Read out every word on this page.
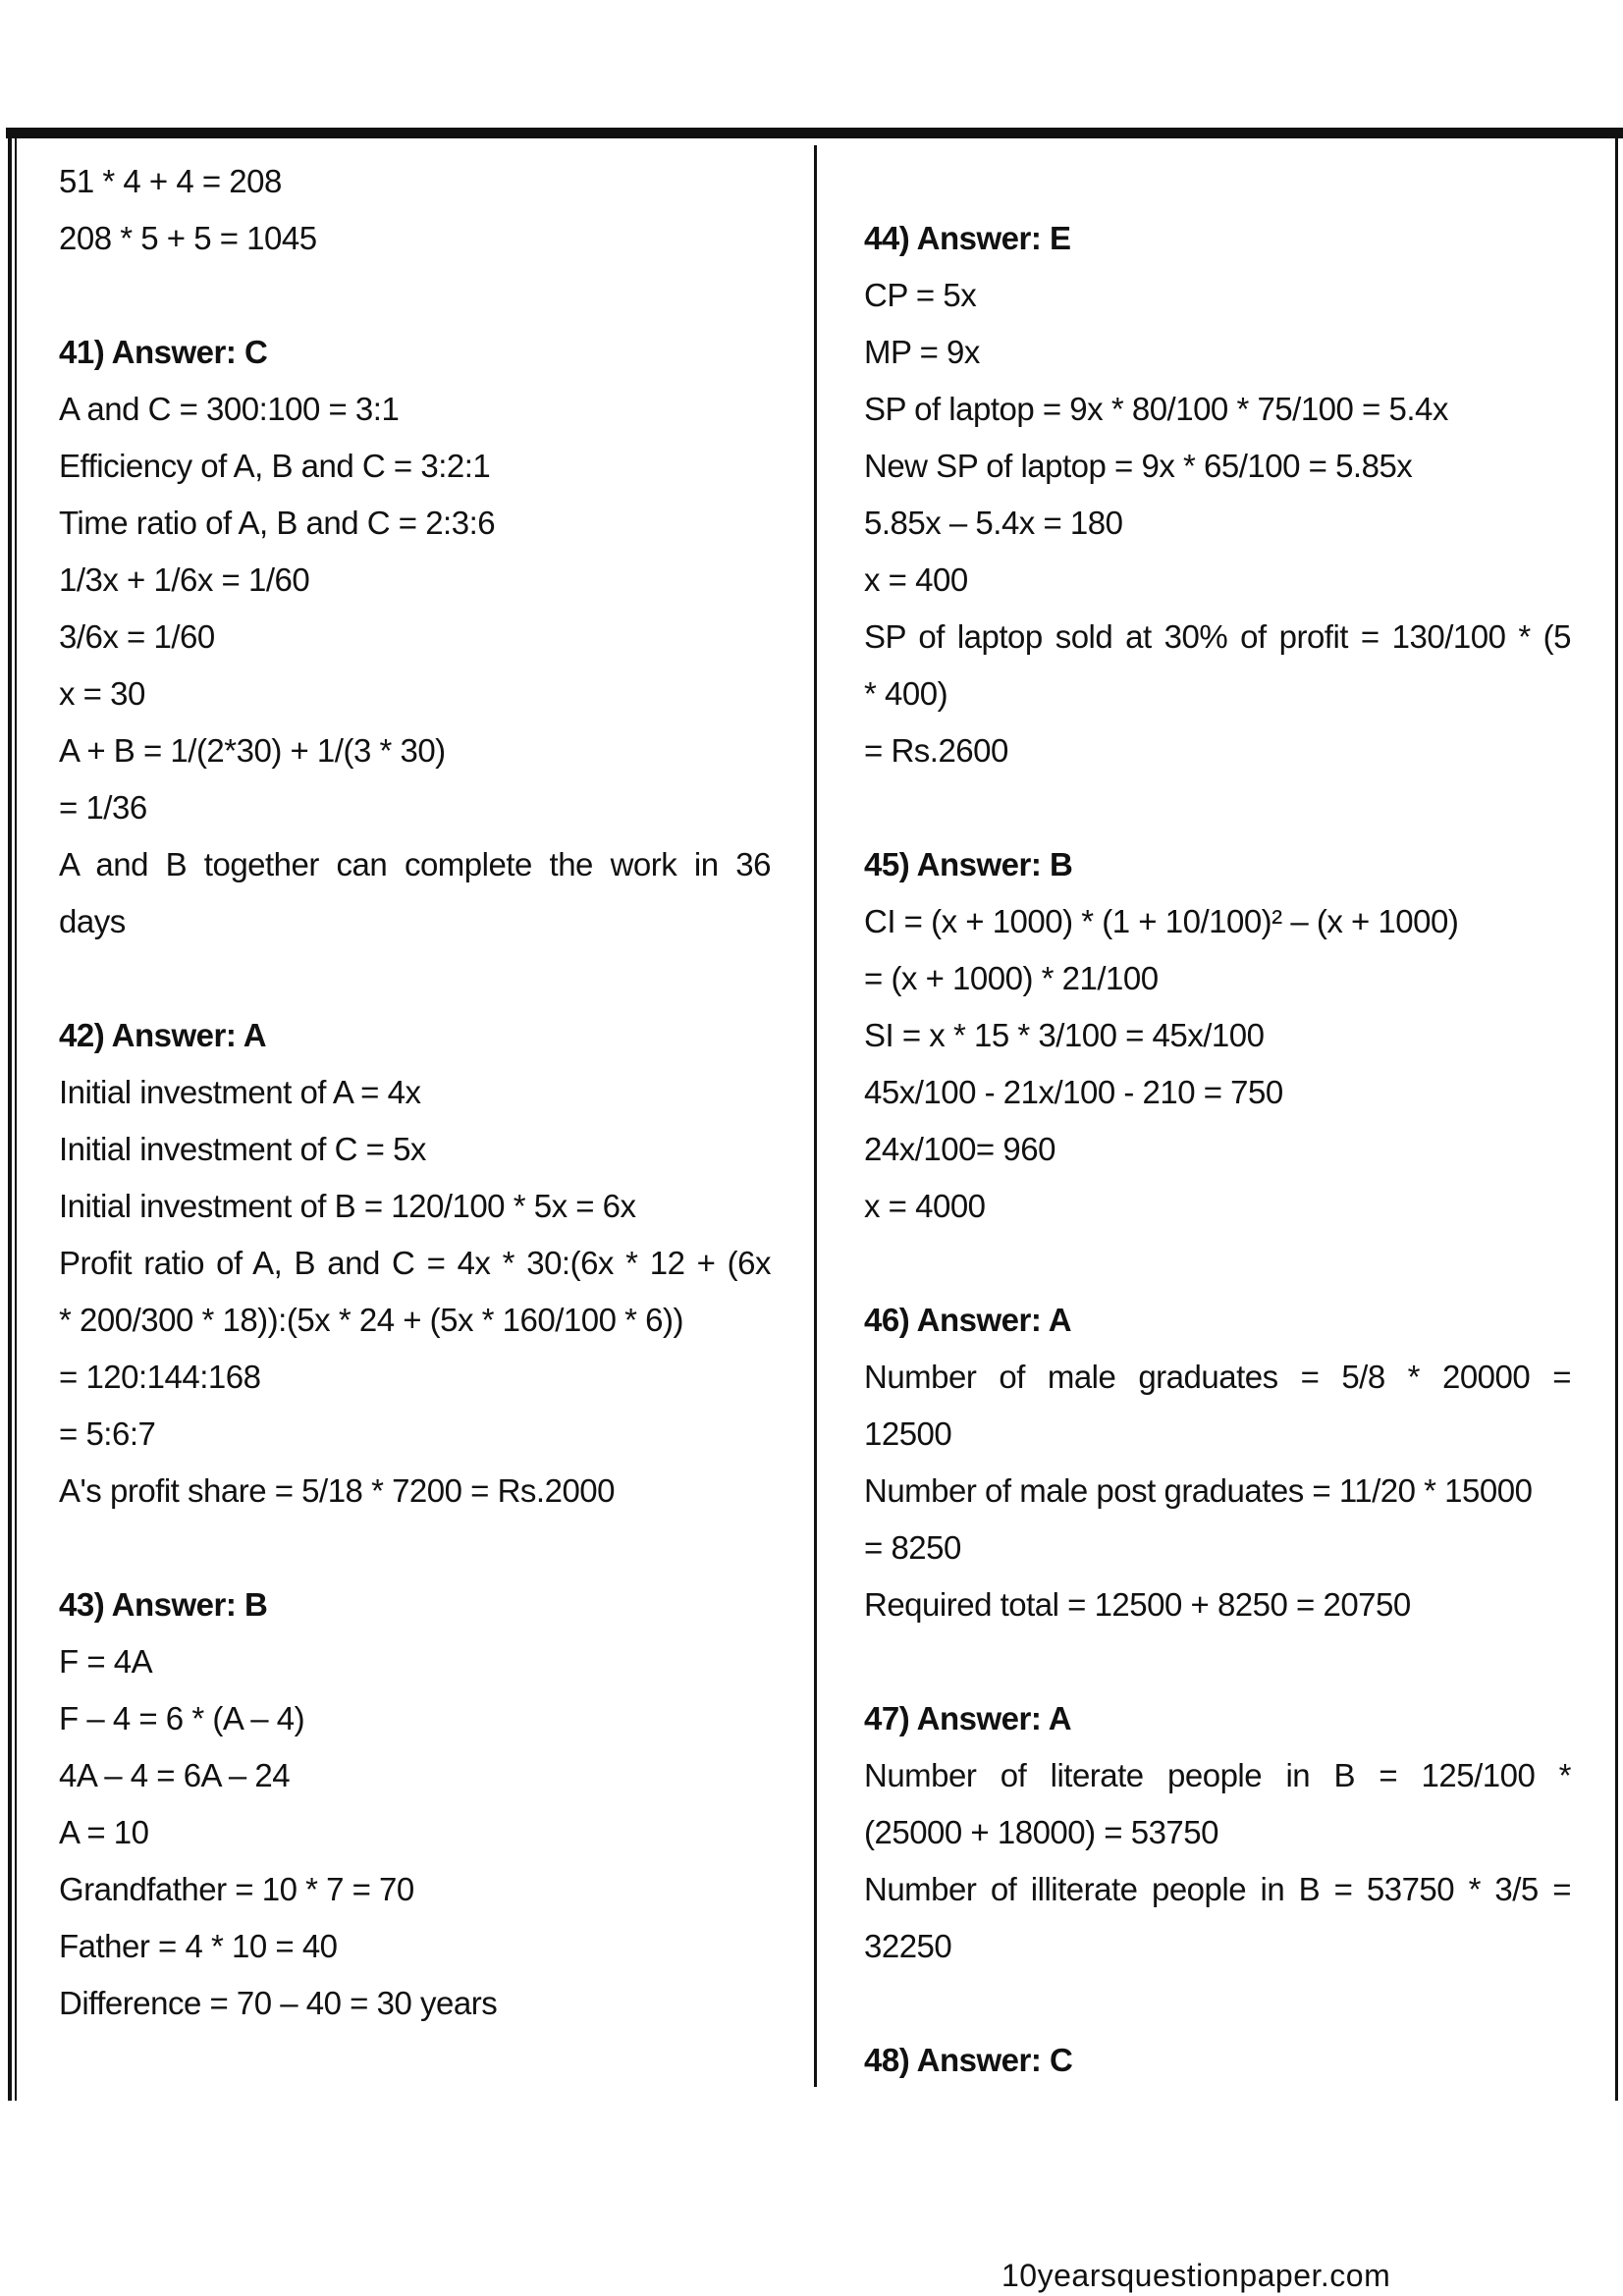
51 * 4 + 4 = 208
208 * 5 + 5 = 1045
41) Answer: C
A and C = 300:100 = 3:1
Efficiency of A, B and C = 3:2:1
Time ratio of A, B and C = 2:3:6
1/3x + 1/6x = 1/60
3/6x = 1/60
x = 30
A + B = 1/(2*30) + 1/(3 * 30)
= 1/36
A and B together can complete the work in 36
days
42) Answer: A
Initial investment of A = 4x
Initial investment of C = 5x
Initial investment of B = 120/100 * 5x = 6x
Profit ratio of A, B and C = 4x * 30:(6x * 12 + (6x
* 200/300 * 18)):(5x * 24 + (5x * 160/100 * 6))
= 120:144:168
= 5:6:7
A's profit share = 5/18 * 7200 = Rs.2000
43) Answer: B
F = 4A
F – 4 = 6 * (A – 4)
4A – 4 = 6A – 24
A = 10
Grandfather = 10 * 7 = 70
Father = 4 * 10 = 40
Difference = 70 – 40 = 30 years
44) Answer: E
CP = 5x
MP = 9x
SP of laptop = 9x * 80/100 * 75/100 = 5.4x
New SP of laptop = 9x * 65/100 = 5.85x
5.85x – 5.4x = 180
x = 400
SP of laptop sold at 30% of profit = 130/100 * (5
* 400)
= Rs.2600
45) Answer: B
CI = (x + 1000) * (1 + 10/100)² – (x + 1000)
= (x + 1000) * 21/100
SI = x * 15 * 3/100 = 45x/100
45x/100 - 21x/100 - 210 = 750
24x/100= 960
x = 4000
46) Answer: A
Number of male graduates = 5/8 * 20000 =
12500
Number of male post graduates = 11/20 * 15000
= 8250
Required total = 12500 + 8250 = 20750
47) Answer: A
Number of literate people in B = 125/100 *
(25000 + 18000) = 53750
Number of illiterate people in B = 53750 * 3/5 =
32250
48) Answer: C
10yearsquestionpaper.com
